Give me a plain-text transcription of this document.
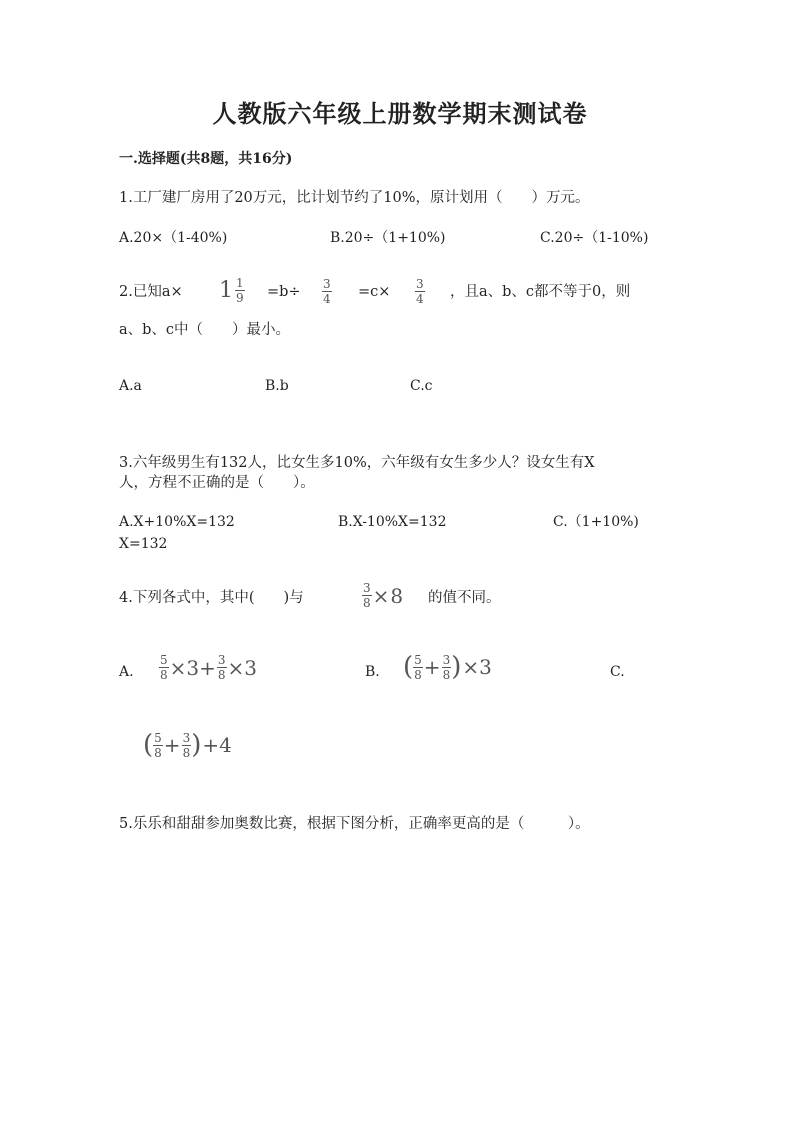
人教版六年级上册数学期末测试卷
一.选择题(共8题，共16分)
1.工厂建厂房用了20万元，比计划节约了10%，原计划用（　　）万元。
A.20×（1-40%)	B.20÷（1+10%)	C.20÷（1-10%)
2.已知$a\times 1 \frac{1}{9} =b\div \frac{3}{4} =c\times \frac{3}{4}$ ，且a、b、c都不等于0，则
a、b、c中（　　）最小。
A.a	B.b	C.c
3.六年级男生有132人，比女生多10%，六年级有女生多少人？设女生有X
人，方程不正确的是（　　）。
A.X+10%X=132	B.X-10%X=132	C.（1+10%)
X=132
4.下列各式中，其中(　　)与	$\frac{3}{8} \times 8$ 的值不同。
A. $\frac{5}{8} \times 3+ \frac{3}{8} \times 3$	B. ( $\frac{5}{8} + \frac{3}{8}$ ) ×3	C.
( $\frac{5}{8} + \frac{3}{8}$ ) +4
5.乐乐和甜甜参加奥数比赛，根据下图分析，正确率更高的是（　　　）。
